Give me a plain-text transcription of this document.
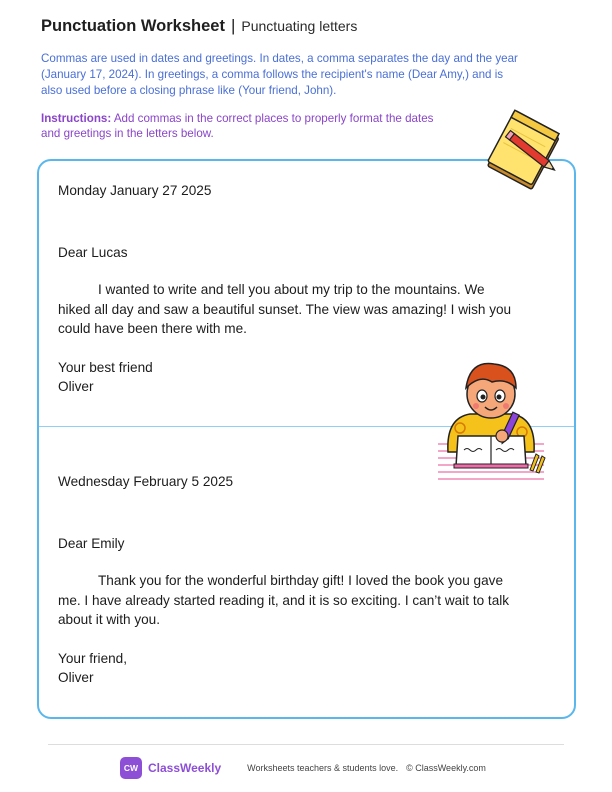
Punctuation Worksheet | Punctuating letters
Commas are used in dates and greetings. In dates, a comma separates the day and the year (January 17, 2024). In greetings, a comma follows the recipient's name (Dear Amy,) and is also used before a closing phrase like (Your friend, John).
Instructions: Add commas in the correct places to properly format the dates and greetings in the letters below.
Monday January 27 2025
Dear Lucas
I wanted to write and tell you about my trip to the mountains. We hiked all day and saw a beautiful sunset. The view was amazing! I wish you could have been there with me.
Your best friend
Oliver
Wednesday February 5 2025
Dear Emily
Thank you for the wonderful birthday gift! I loved the book you gave me. I have already started reading it, and it is so exciting. I can’t wait to talk about it with you.
Your friend,
Oliver
CW ClassWeekly	Worksheets teachers & students love. © ClassWeekly.com
